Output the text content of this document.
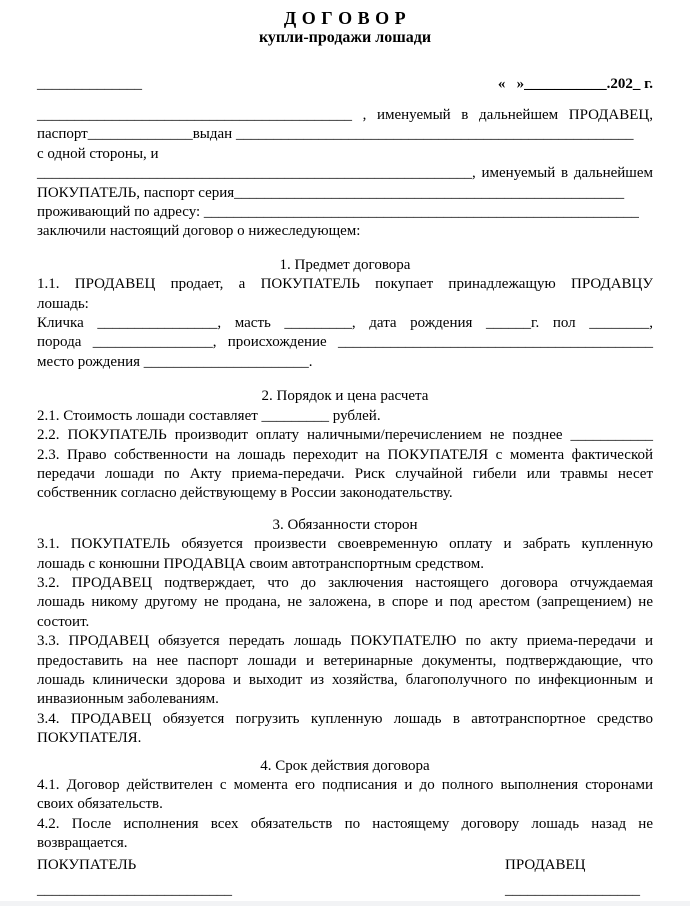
Д О Г О В О Р
купли-продажи лошади
______________	«   »___________.202_ г.
__________________________________________ , именуемый в дальнейшем ПРОДАВЕЦ,
паспорт______________выдан _____________________________________________________
с одной стороны, и
__________________________________________________________, именуемый в дальнейшем
ПОКУПАТЕЛЬ, паспорт серия____________________________________________________
проживающий по адресу: __________________________________________________________
заключили настоящий договор о нижеследующем:
1. Предмет договора
1.1. ПРОДАВЕЦ продает, а ПОКУПАТЕЛЬ покупает принадлежащую ПРОДАВЦУ
лошадь:
Кличка ________________, масть _________, дата рождения ______г. пол ________,
порода ________________, происхождение __________________________________________
место рождения ______________________.
2. Порядок и цена расчета
2.1. Стоимость лошади составляет _________ рублей.
2.2. ПОКУПАТЕЛЬ производит оплату наличными/перечислением не позднее ___________
2.3. Право собственности на лошадь переходит на ПОКУПАТЕЛЯ с момента фактической
передачи лошади по Акту приема-передачи. Риск случайной гибели или травмы несет
собственник согласно действующему в России законодательству.
3. Обязанности сторон
3.1. ПОКУПАТЕЛЬ обязуется произвести своевременную оплату и забрать купленную
лошадь с конюшни ПРОДАВЦА своим автотранспортным средством.
3.2. ПРОДАВЕЦ подтверждает, что до заключения настоящего договора отчуждаемая
лошадь никому другому не продана, не заложена, в споре и под арестом (запрещением) не
состоит.
3.3. ПРОДАВЕЦ обязуется передать лошадь ПОКУПАТЕЛЮ по акту приема-передачи и
предоставить на нее паспорт лошади и ветеринарные документы, подтверждающие, что
лошадь клинически здорова и выходит из хозяйства, благополучного по инфекционным и
инвазионным заболеваниям.
3.4. ПРОДАВЕЦ обязуется погрузить купленную лошадь в автотранспортное средство
ПОКУПАТЕЛЯ.
4. Срок действия договора
4.1. Договор действителен с момента его подписания и до полного выполнения сторонами
своих обязательств.
4.2. После исполнения всех обязательств по настоящему договору лошадь назад не
возвращается.
ПОКУПАТЕЛЬ	ПРОДАВЕЦ
__________________________	__________________
